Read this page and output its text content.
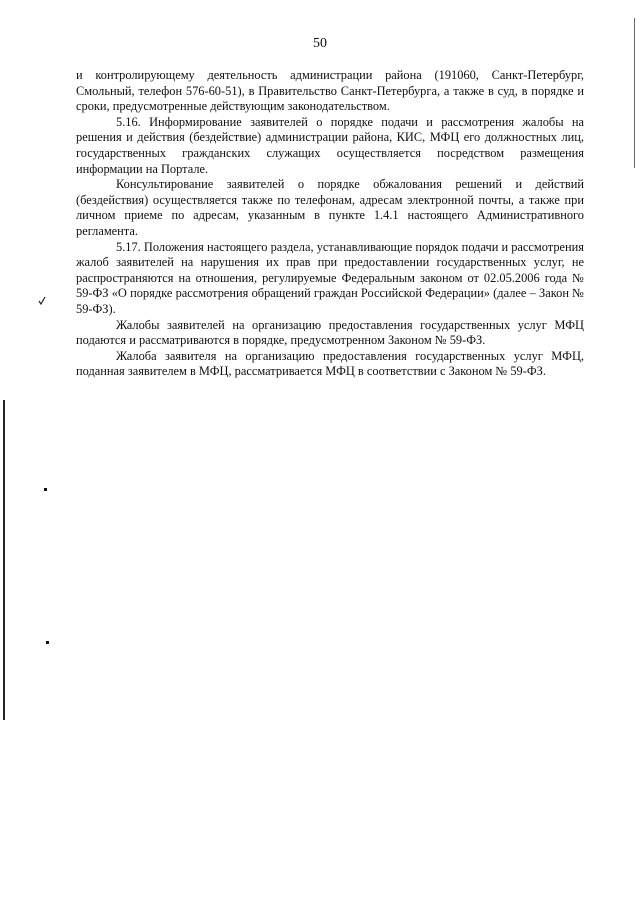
50

и контролирующему деятельность администрации района (191060, Санкт-Петербург, Смольный, телефон 576-60-51), в Правительство Санкт-Петербурга, а также в суд, в порядке и сроки, предусмотренные действующим законодательством.

5.16. Информирование заявителей о порядке подачи и рассмотрения жалобы на решения и действия (бездействие) администрации района, КИС, МФЦ его должностных лиц, государственных гражданских служащих осуществляется посредством размещения информации на Портале.

Консультирование заявителей о порядке обжалования решений и действий (бездействия) осуществляется также по телефонам, адресам электронной почты, а также при личном приеме по адресам, указанным в пункте 1.4.1 настоящего Административного регламента.

5.17. Положения настоящего раздела, устанавливающие порядок подачи и рассмотрения жалоб заявителей на нарушения их прав при предоставлении государственных услуг, не распространяются на отношения, регулируемые Федеральным законом от 02.05.2006 года № 59-ФЗ «О порядке рассмотрения обращений граждан Российской Федерации» (далее – Закон № 59-ФЗ).

Жалобы заявителей на организацию предоставления государственных услуг МФЦ подаются и рассматриваются в порядке, предусмотренном Законом № 59-ФЗ.

Жалоба заявителя на организацию предоставления государственных услуг МФЦ, поданная заявителем в МФЦ, рассматривается МФЦ в соответствии с Законом № 59-ФЗ.
